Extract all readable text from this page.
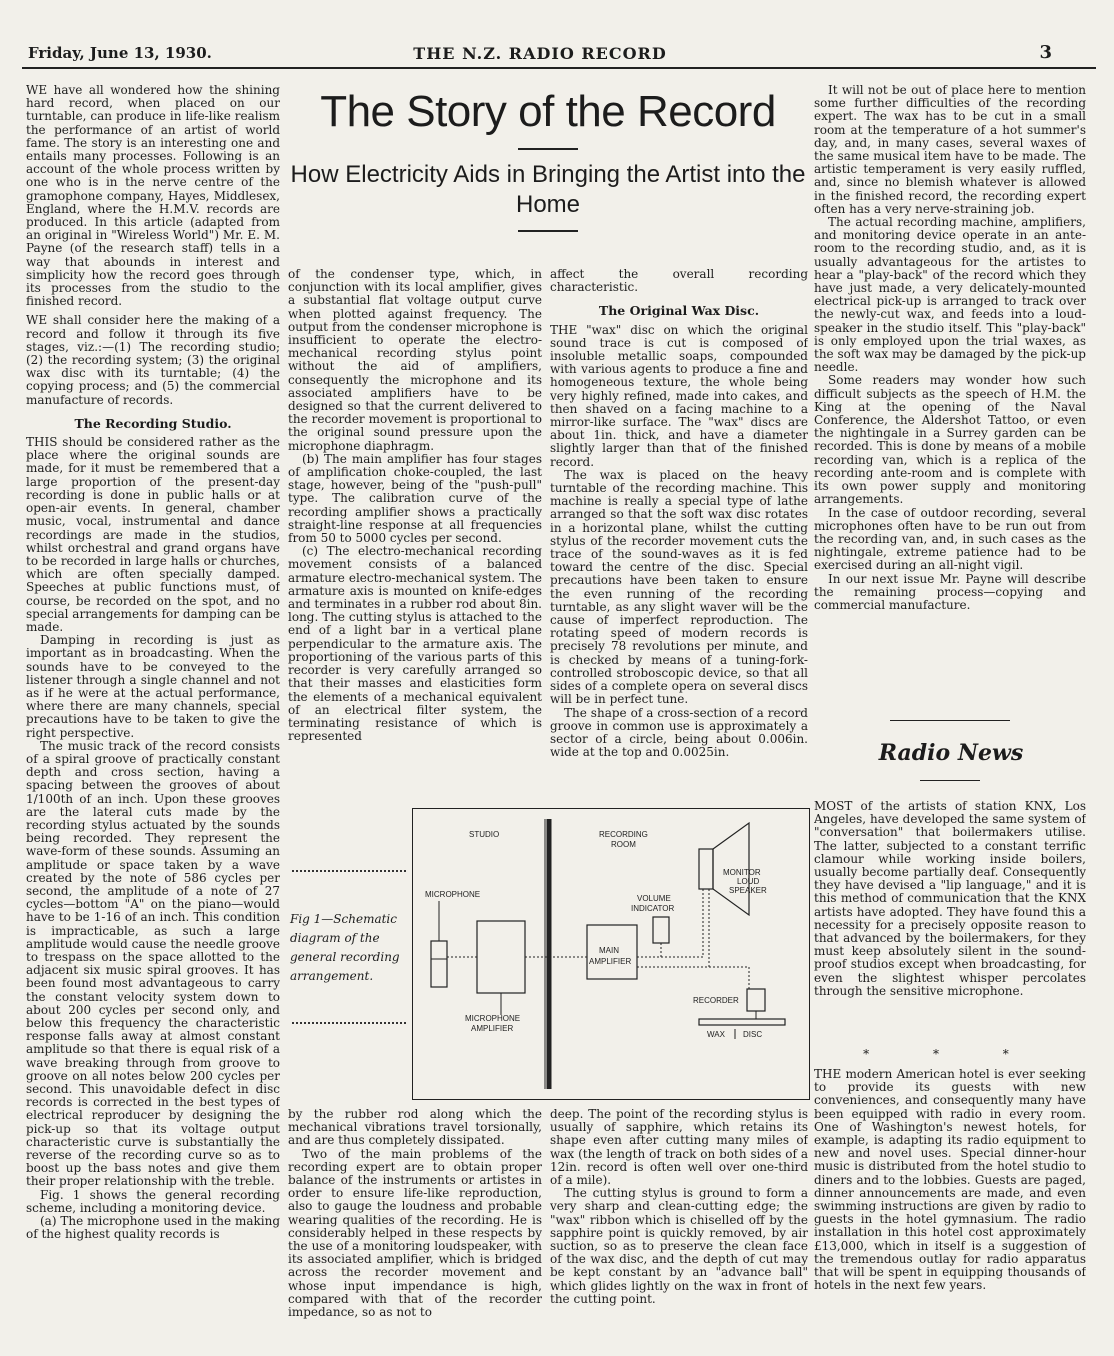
Friday, June 13, 1930.	THE N.Z. RADIO RECORD	3

WE have all wondered how the shining hard record, when placed on our turntable, can produce in life-like realism the performance of an artist of world fame. The story is an interesting one and entails many processes. Following is an account of the whole process written by one who is in the nerve centre of the gramophone company, Hayes, Middlesex, England, where the H.M.V. records are produced. In this article (adapted from an original in "Wireless World") Mr. E. M. Payne (of the research staff) tells in a way that abounds in interest and simplicity how the record goes through its processes from the studio to the finished record.

WE shall consider here the making of a record and follow it through its five stages, viz.:—(1) The recording studio; (2) the recording system; (3) the original wax disc with its turntable; (4) the copying process; and (5) the commercial manufacture of records.

The Recording Studio.

THIS should be considered rather as the place where the original sounds are made, for it must be remembered that a large proportion of the present-day recording is done in public halls or at open-air events. In general, chamber music, vocal, instrumental and dance recordings are made in the studios, whilst orchestral and grand organs have to be recorded in large halls or churches, which are often specially damped. Speeches at public functions must, of course, be recorded on the spot, and no special arrangements for damping can be made.

Damping in recording is just as important as in broadcasting. When the sounds have to be conveyed to the listener through a single channel and not as if he were at the actual performance, where there are many channels, special precautions have to be taken to give the right perspective.

The music track of the record consists of a spiral groove of practically constant depth and cross section, having a spacing between the grooves of about 1/100th of an inch. Upon these grooves are the lateral cuts made by the recording stylus actuated by the sounds being recorded. They represent the wave-form of these sounds. Assuming an amplitude or space taken by a wave created by the note of 586 cycles per second, the amplitude of a note of 27 cycles—bottom "A" on the piano—would have to be 1-16 of an inch. This condition is impracticable, as such a large amplitude would cause the needle groove to trespass on the space allotted to the adjacent six music spiral grooves. It has been found most advantageous to carry the constant velocity system down to about 200 cycles per second only, and below this frequency the characteristic response falls away at almost constant amplitude so that there is equal risk of a wave breaking through from groove to groove on all notes below 200 cycles per second. This unavoidable defect in disc records is corrected in the best types of electrical reproducer by designing the pick-up so that its voltage output characteristic curve is substantially the reverse of the recording curve so as to boost up the bass notes and give them their proper relationship with the treble.

Fig. 1 shows the general recording scheme, including a monitoring device.

(a) The microphone used in the making of the highest quality records is

The Story of the Record
How Electricity Aids in Bringing the Artist into the Home

of the condenser type, which, in conjunction with its local amplifier, gives a substantial flat voltage output curve when plotted against frequency. The output from the condenser microphone is insufficient to operate the electro-mechanical recording stylus point without the aid of amplifiers, consequently the microphone and its associated amplifiers have to be designed so that the current delivered to the recorder movement is proportional to the original sound pressure upon the microphone diaphragm.

(b) The main amplifier has four stages of amplification choke-coupled, the last stage, however, being of the "push-pull" type. The calibration curve of the recording amplifier shows a practically straight-line response at all frequencies from 50 to 5000 cycles per second.

(c) The electro-mechanical recording movement consists of a balanced armature electro-mechanical system. The armature axis is mounted on knife-edges and terminates in a rubber rod about 8in. long. The cutting stylus is attached to the end of a light bar in a vertical plane perpendicular to the armature axis. The proportioning of the various parts of this recorder is very carefully arranged so that their masses and elasticities form the elements of a mechanical equivalent of an electrical filter system, the terminating resistance of which is represented

affect the overall recording characteristic.

The Original Wax Disc.

THE "wax" disc on which the original sound trace is cut is composed of insoluble metallic soaps, compounded with various agents to produce a fine and homogeneous texture, the whole being very highly refined, made into cakes, and then shaved on a facing machine to a mirror-like surface. The "wax" discs are about 1in. thick, and have a diameter slightly larger than that of the finished record.

The wax is placed on the heavy turntable of the recording machine. This machine is really a special type of lathe arranged so that the soft wax disc rotates in a horizontal plane, whilst the cutting stylus of the recorder movement cuts the trace of the sound-waves as it is fed toward the centre of the disc. Special precautions have been taken to ensure the even running of the recording turntable, as any slight waver will be the cause of imperfect reproduction. The rotating speed of modern records is precisely 78 revolutions per minute, and is checked by means of a tuning-fork-controlled stroboscopic device, so that all sides of a complete opera on several discs will be in perfect tune.

The shape of a cross-section of a record groove in common use is approximately a sector of a circle, being about 0.006in. wide at the top and 0.0025in.

Fig 1—Schematic diagram of the general recording arrangement.
STUDIO	RECORDING
ROOM
MICROPHONE
MICROPHONE
AMPLIFIER
MAIN
AMPLIFIER
VOLUME
INDICATOR
MONITOR
LOUD
SPEAKER
RECORDER
WAX DISC

by the rubber rod along which the mechanical vibrations travel torsionally, and are thus completely dissipated.

Two of the main problems of the recording expert are to obtain proper balance of the instruments or artistes in order to ensure life-like reproduction, also to gauge the loudness and probable wearing qualities of the recording. He is considerably helped in these respects by the use of a monitoring loudspeaker, with its associated amplifier, which is bridged across the recorder movement and whose input impendance is high, compared with that of the recorder impedance, so as not to

deep. The point of the recording stylus is usually of sapphire, which retains its shape even after cutting many miles of wax (the length of track on both sides of a 12in. record is often well over one-third of a mile).

The cutting stylus is ground to form a very sharp and clean-cutting edge; the "wax" ribbon which is chiselled off by the sapphire point is quickly removed, by air suction, so as to preserve the clean face of the wax disc, and the depth of cut may be kept constant by an "advance ball" which glides lightly on the wax in front of the cutting point.

It will not be out of place here to mention some further difficulties of the recording expert. The wax has to be cut in a small room at the temperature of a hot summer's day, and, in many cases, several waxes of the same musical item have to be made. The artistic temperament is very easily ruffled, and, since no blemish whatever is allowed in the finished record, the recording expert often has a very nerve-straining job.

The actual recording machine, amplifiers, and monitoring device operate in an ante-room to the recording studio, and, as it is usually advantageous for the artistes to hear a "play-back" of the record which they have just made, a very delicately-mounted electrical pick-up is arranged to track over the newly-cut wax, and feeds into a loud-speaker in the studio itself. This "play-back" is only employed upon the trial waxes, as the soft wax may be damaged by the pick-up needle.

Some readers may wonder how such difficult subjects as the speech of H.M. the King at the opening of the Naval Conference, the Aldershot Tattoo, or even the nightingale in a Surrey garden can be recorded. This is done by means of a mobile recording van, which is a replica of the recording ante-room and is complete with its own power supply and monitoring arrangements.

In the case of outdoor recording, several microphones often have to be run out from the recording van, and, in such cases as the nightingale, extreme patience had to be exercised during an all-night vigil.

In our next issue Mr. Payne will describe the remaining process—copying and commercial manufacture.

Radio News

MOST of the artists of station KNX, Los Angeles, have developed the same system of "conversation" that boilermakers utilise. The latter, subjected to a constant terrific clamour while working inside boilers, usually become partially deaf. Consequently they have devised a "lip language," and it is this method of communication that the KNX artists have adopted. They have found this a necessity for a precisely opposite reason to that advanced by the boilermakers, for they must keep absolutely silent in the sound-proof studios except when broadcasting, for even the slightest whisper percolates through the sensitive microphone.

* * *

THE modern American hotel is ever seeking to provide its guests with new conveniences, and consequently many have been equipped with radio in every room. One of Washington's newest hotels, for example, is adapting its radio equipment to new and novel uses. Special dinner-hour music is distributed from the hotel studio to diners and to the lobbies. Guests are paged, dinner announcements are made, and even swimming instructions are given by radio to guests in the hotel gymnasium. The radio installation in this hotel cost approximately £13,000, which in itself is a suggestion of the tremendous outlay for radio apparatus that will be spent in equipping thousands of hotels in the next few years.
